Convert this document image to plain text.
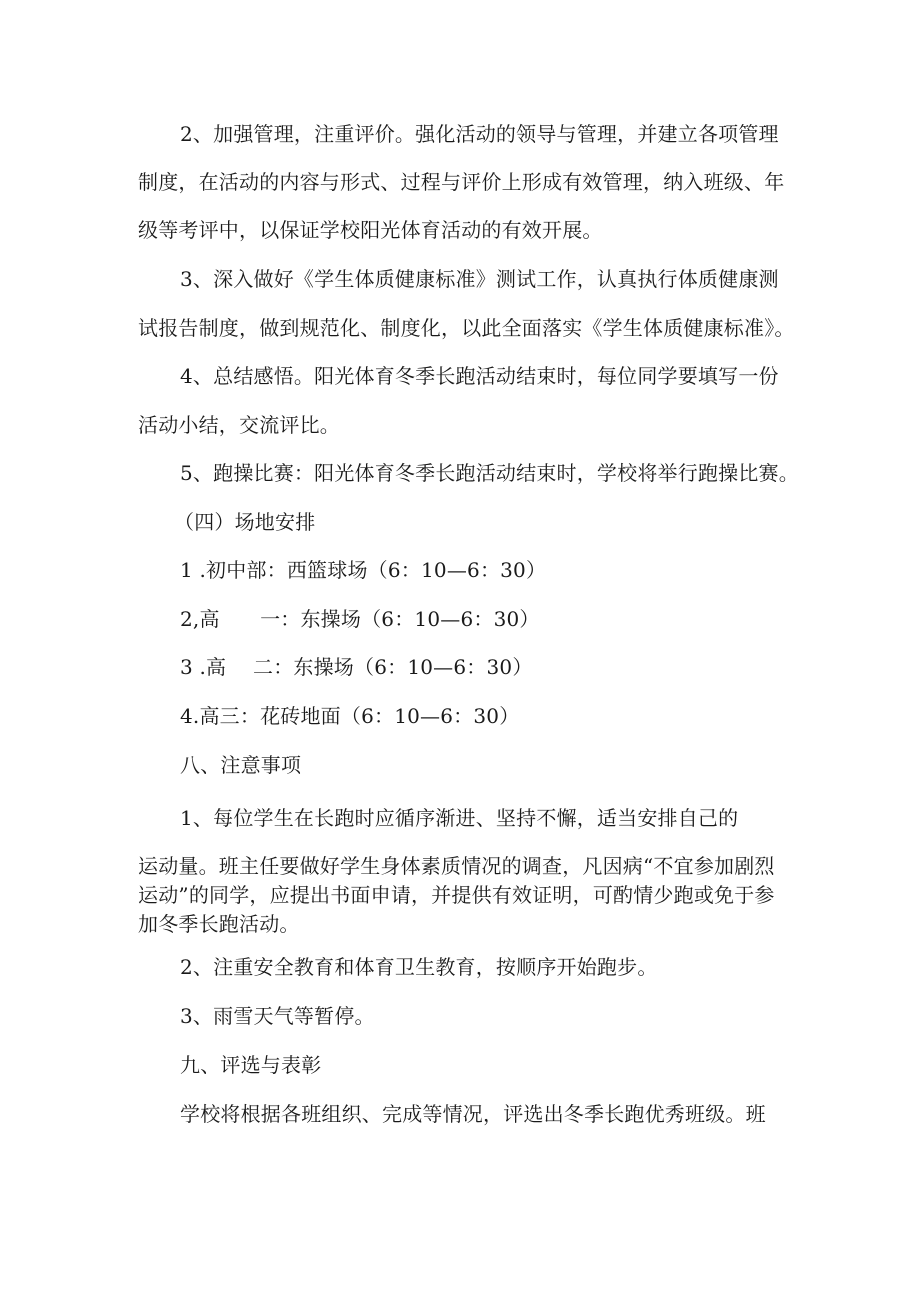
2、加强管理，注重评价。强化活动的领导与管理，并建立各项管理
制度，在活动的内容与形式、过程与评价上形成有效管理，纳入班级、年
级等考评中，以保证学校阳光体育活动的有效开展。
3、深入做好《学生体质健康标准》测试工作，认真执行体质健康测
试报告制度，做到规范化、制度化，以此全面落实《学生体质健康标准》。
4、总结感悟。阳光体育冬季长跑活动结束时，每位同学要填写一份
活动小结，交流评比。
5、跑操比赛：阳光体育冬季长跑活动结束时，学校将举行跑操比赛。
（四）场地安排
1 .初中部：西篮球场（6：10—6：30）
2,高　　一：东操场（6：10—6：30）
3 .高　 二：东操场（6：10—6：30）
4.高三：花砖地面（6：10—6：30）
八、注意事项
1、每位学生在长跑时应循序渐进、坚持不懈，适当安排自己的
运动量。班主任要做好学生身体素质情况的调查，凡因病“不宜参加剧烈
运动”的同学，应提出书面申请，并提供有效证明，可酌情少跑或免于参
加冬季长跑活动。
2、注重安全教育和体育卫生教育，按顺序开始跑步。
3、雨雪天气等暂停。
九、评选与表彰
学校将根据各班组织、完成等情况，评选出冬季长跑优秀班级。班
